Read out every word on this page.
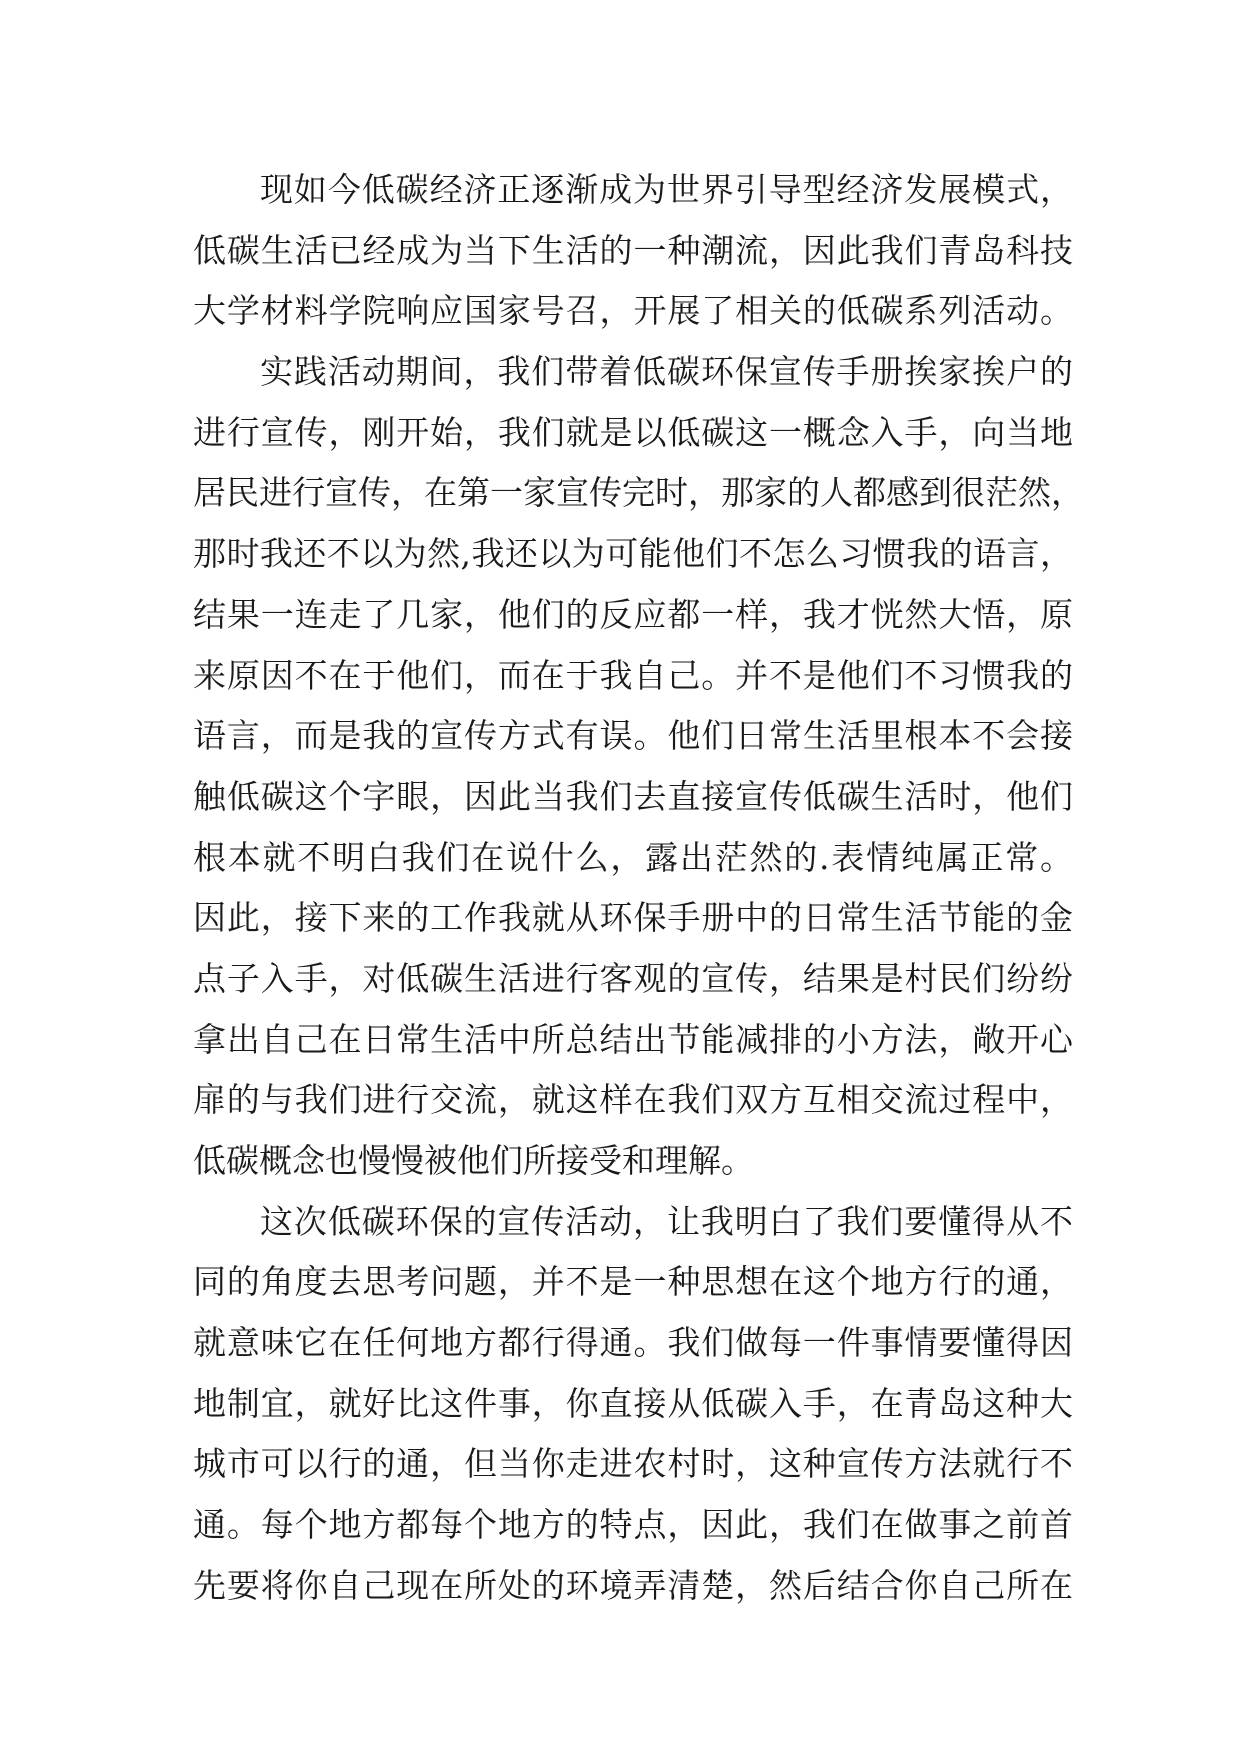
现如今低碳经济正逐渐成为世界引导型经济发展模式，
低碳生活已经成为当下生活的一种潮流，因此我们青岛科技
大学材料学院响应国家号召，开展了相关的低碳系列活动。
实践活动期间，我们带着低碳环保宣传手册挨家挨户的
进行宣传，刚开始，我们就是以低碳这一概念入手，向当地
居民进行宣传，在第一家宣传完时，那家的人都感到很茫然，
那时我还不以为然,我还以为可能他们不怎么习惯我的语言，
结果一连走了几家，他们的反应都一样，我才恍然大悟，原
来原因不在于他们，而在于我自己。并不是他们不习惯我的
语言，而是我的宣传方式有误。他们日常生活里根本不会接
触低碳这个字眼，因此当我们去直接宣传低碳生活时，他们
根本就不明白我们在说什么，露出茫然的.表情纯属正常。
因此，接下来的工作我就从环保手册中的日常生活节能的金
点子入手，对低碳生活进行客观的宣传，结果是村民们纷纷
拿出自己在日常生活中所总结出节能减排的小方法，敞开心
扉的与我们进行交流，就这样在我们双方互相交流过程中，
低碳概念也慢慢被他们所接受和理解。
这次低碳环保的宣传活动，让我明白了我们要懂得从不
同的角度去思考问题，并不是一种思想在这个地方行的通，
就意味它在任何地方都行得通。我们做每一件事情要懂得因
地制宜，就好比这件事，你直接从低碳入手，在青岛这种大
城市可以行的通，但当你走进农村时，这种宣传方法就行不
通。每个地方都每个地方的特点，因此，我们在做事之前首
先要将你自己现在所处的环境弄清楚，然后结合你自己所在
